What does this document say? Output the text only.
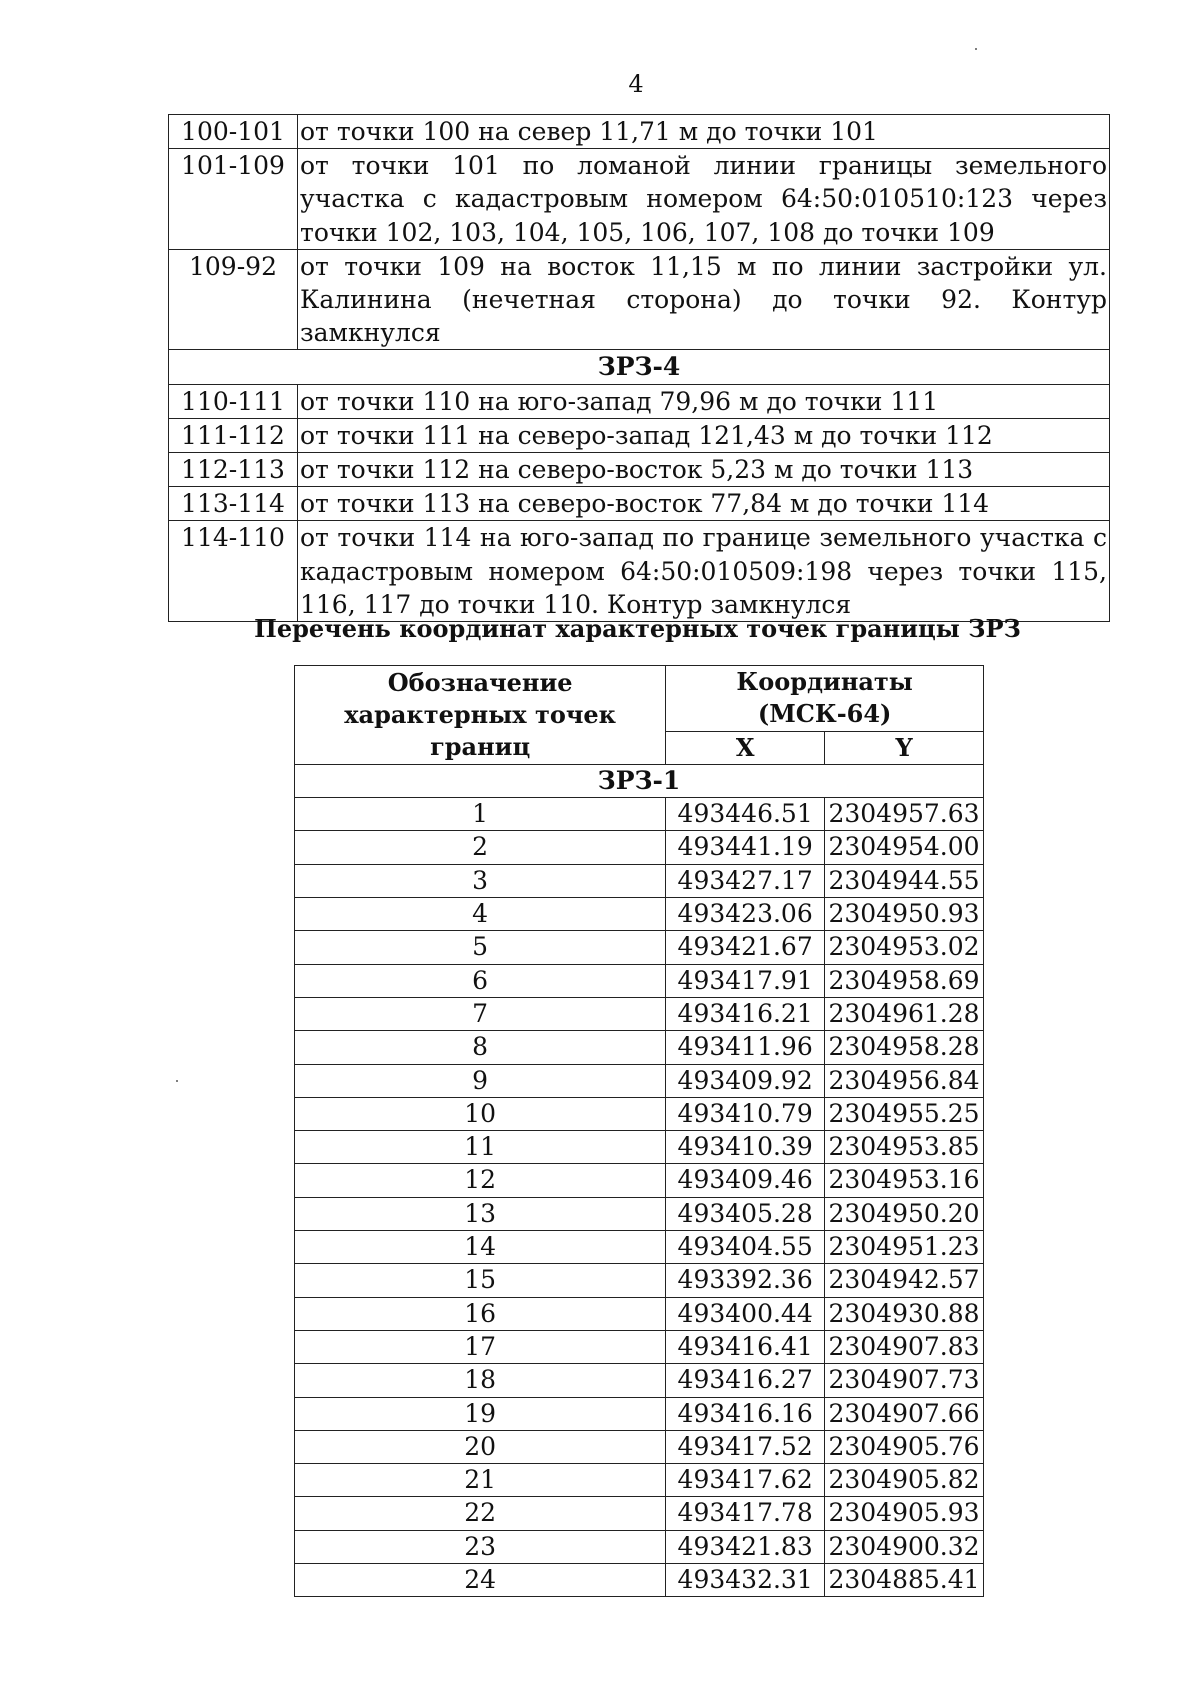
4
100-101	от точки 100 на север 11,71 м до точки 101
101-109	от точки 101 по ломаной линии границы земельного участка с кадастровым номером 64:50:010510:123 через точки 102, 103, 104, 105, 106, 107, 108 до точки 109
109-92	от точки 109 на восток 11,15 м по линии застройки ул. Калинина (нечетная сторона) до точки 92. Контур замкнулся
ЗРЗ-4	
110-111	от точки 110 на юго-запад 79,96 м до точки 111
111-112	от точки 111 на северо-запад 121,43 м до точки 112
112-113	от точки 112 на северо-восток 5,23 м до точки 113
113-114	от точки 113 на северо-восток 77,84 м до точки 114
114-110	от точки 114 на юго-запад по границе земельного участка с кадастровым номером 64:50:010509:198 через точки 115, 116, 117 до точки 110. Контур замкнулся
Перечень координат характерных точек границы ЗРЗ
Обозначение характерных точек границ	Координаты (МСК-64)	
	X	Y
ЗРЗ-1		
1	493446.51	2304957.63
2	493441.19	2304954.00
3	493427.17	2304944.55
4	493423.06	2304950.93
5	493421.67	2304953.02
6	493417.91	2304958.69
7	493416.21	2304961.28
8	493411.96	2304958.28
9	493409.92	2304956.84
10	493410.79	2304955.25
11	493410.39	2304953.85
12	493409.46	2304953.16
13	493405.28	2304950.20
14	493404.55	2304951.23
15	493392.36	2304942.57
16	493400.44	2304930.88
17	493416.41	2304907.83
18	493416.27	2304907.73
19	493416.16	2304907.66
20	493417.52	2304905.76
21	493417.62	2304905.82
22	493417.78	2304905.93
23	493421.83	2304900.32
24	493432.31	2304885.41
